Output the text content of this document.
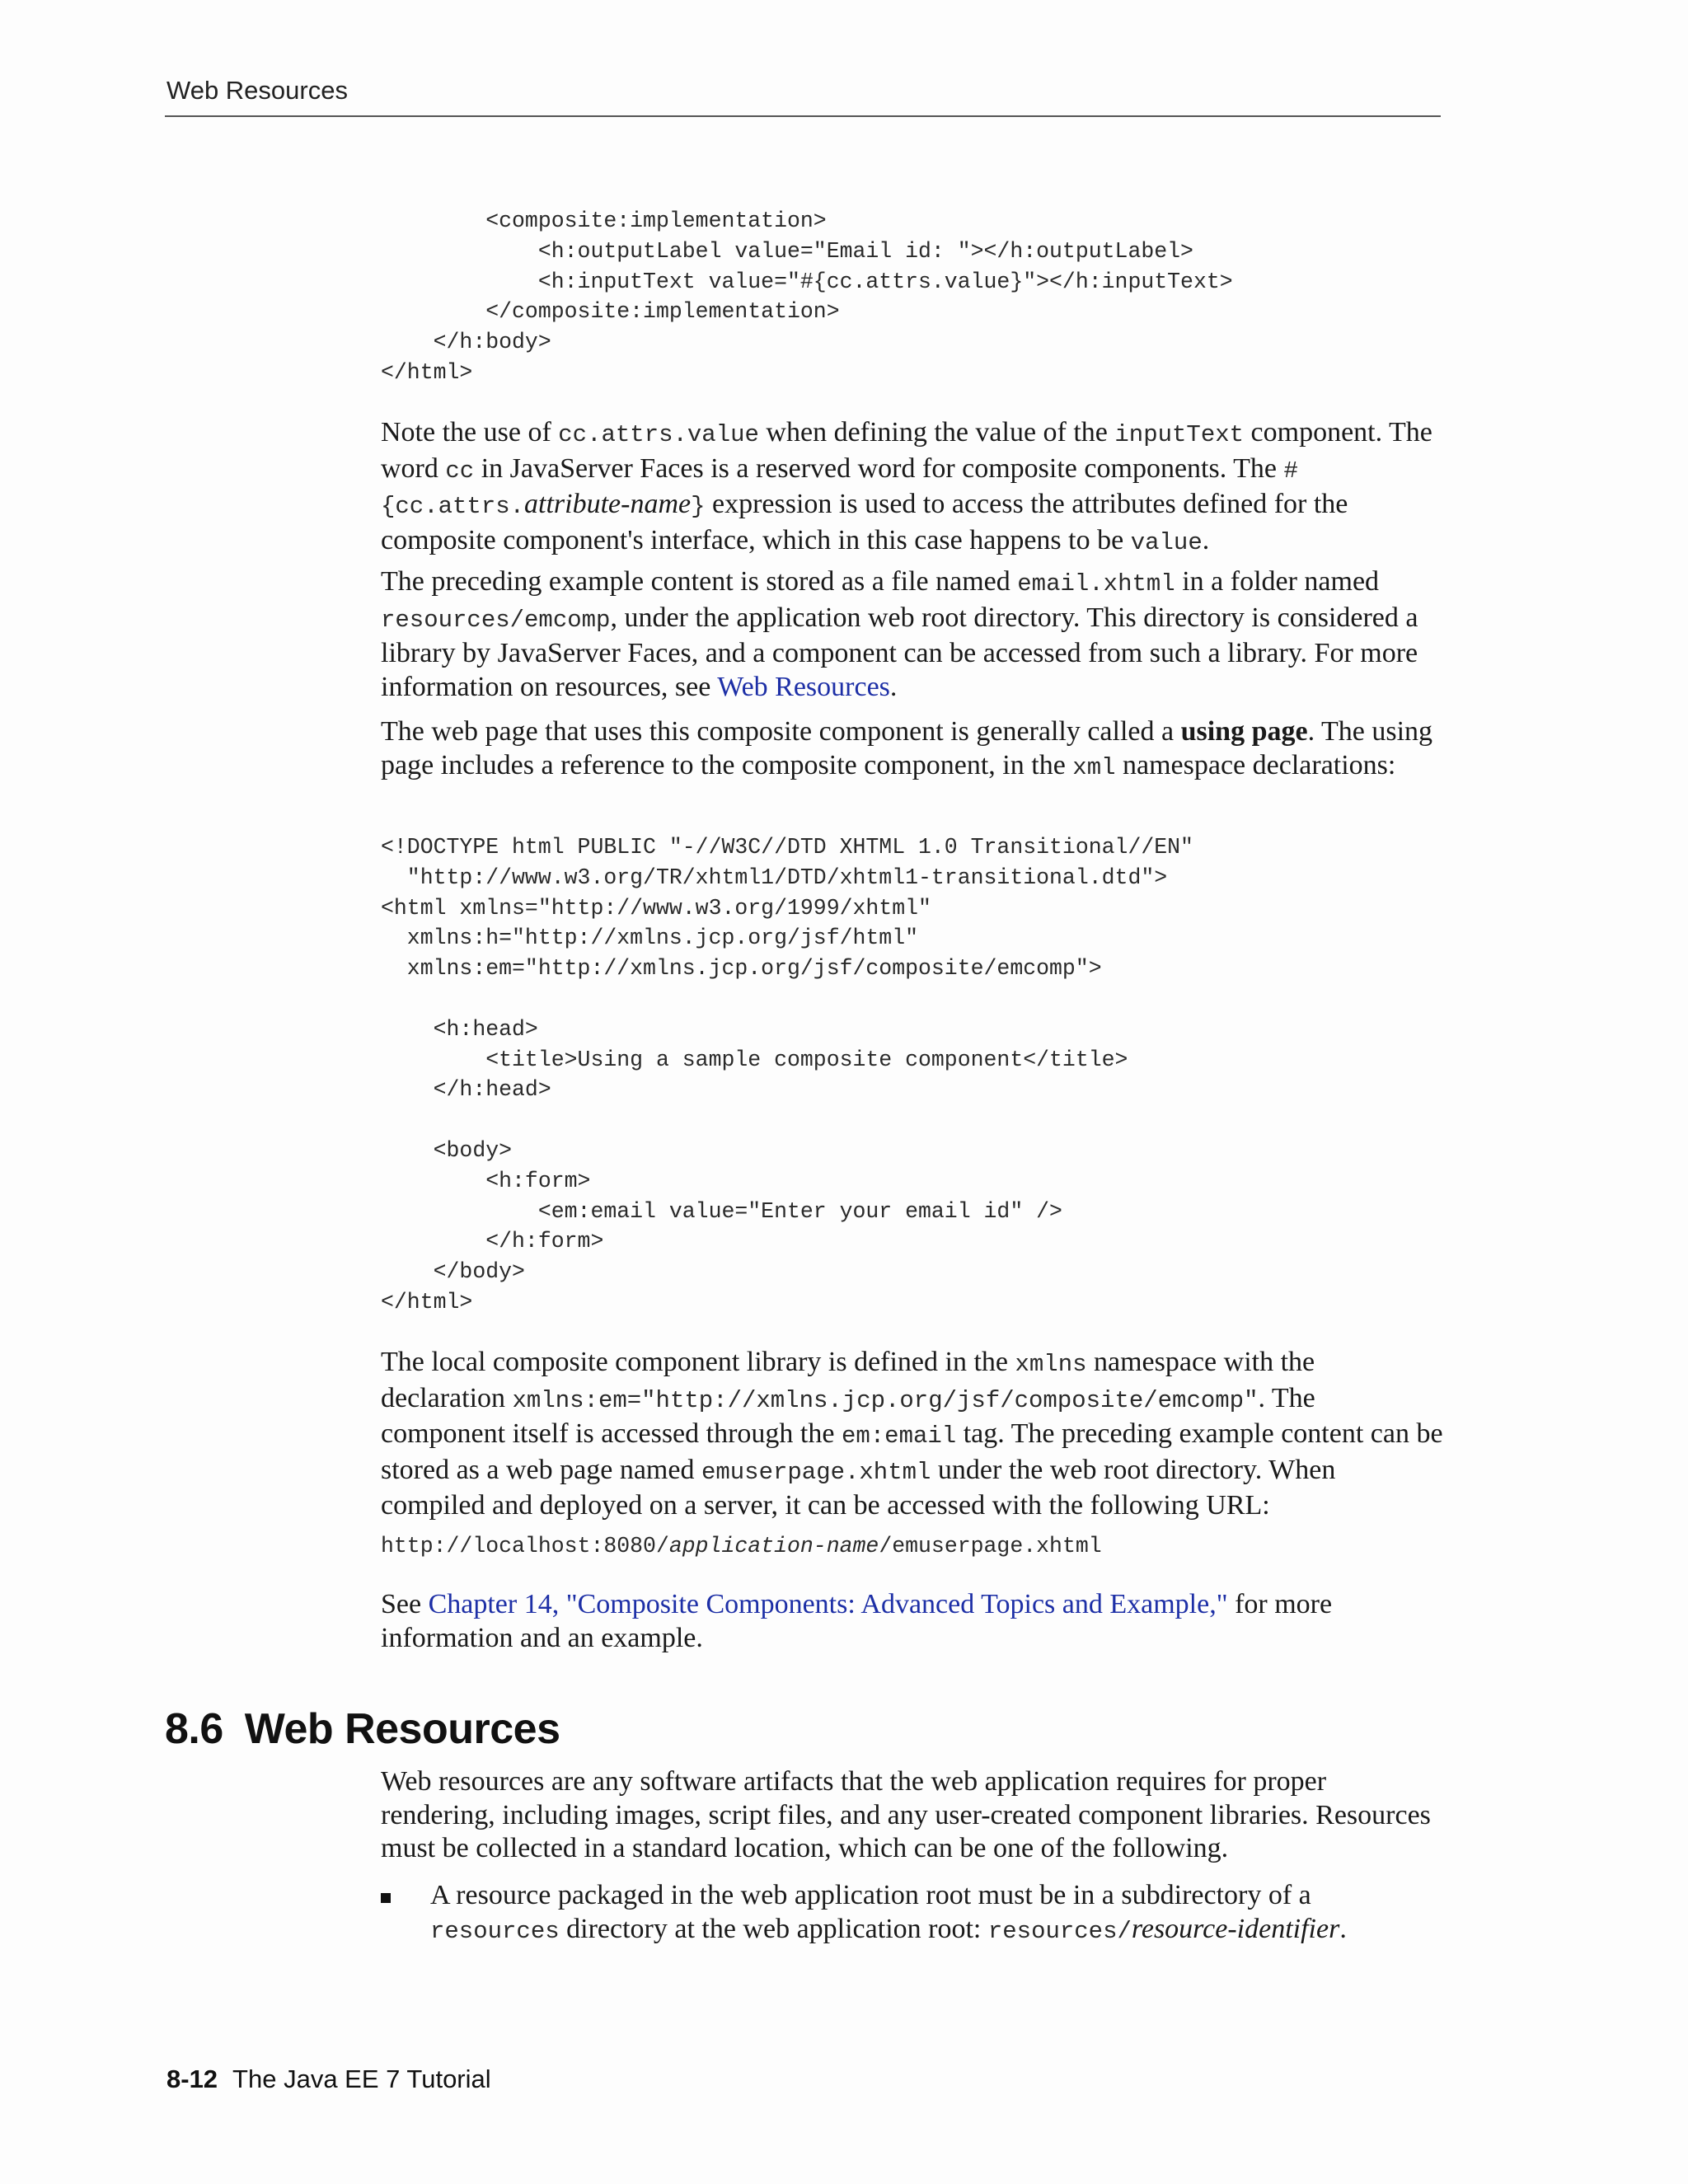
Web Resources
<composite:implementation>
<h:outputLabel value="Email id: "></h:outputLabel>
<h:inputText value="#{cc.attrs.value}"></h:inputText>
</composite:implementation>
</h:body>
</html>

Note the use of cc.attrs.value when defining the value of the inputText component. The word cc in JavaServer Faces is a reserved word for composite components. The #{cc.attrs.attribute-name} expression is used to access the attributes defined for the composite component's interface, which in this case happens to be value.

The preceding example content is stored as a file named email.xhtml in a folder named resources/emcomp, under the application web root directory. This directory is considered a library by JavaServer Faces, and a component can be accessed from such a library. For more information on resources, see Web Resources.

The web page that uses this composite component is generally called a using page. The using page includes a reference to the composite component, in the xml namespace declarations:

<!DOCTYPE html PUBLIC "-//W3C//DTD XHTML 1.0 Transitional//EN"
"http://www.w3.org/TR/xhtml1/DTD/xhtml1-transitional.dtd">
<html xmlns="http://www.w3.org/1999/xhtml"
xmlns:h="http://xmlns.jcp.org/jsf/html"
xmlns:em="http://xmlns.jcp.org/jsf/composite/emcomp">

<h:head>
<title>Using a sample composite component</title>
</h:head>

<body>
<h:form>
<em:email value="Enter your email id" />
</h:form>
</body>
</html>

The local composite component library is defined in the xmlns namespace with the declaration xmlns:em="http://xmlns.jcp.org/jsf/composite/emcomp". The component itself is accessed through the em:email tag. The preceding example content can be stored as a web page named emuserpage.xhtml under the web root directory. When compiled and deployed on a server, it can be accessed with the following URL:

http://localhost:8080/application-name/emuserpage.xhtml

See Chapter 14, "Composite Components: Advanced Topics and Example," for more information and an example.

8.6 Web Resources

Web resources are any software artifacts that the web application requires for proper rendering, including images, script files, and any user-created component libraries. Resources must be collected in a standard location, which can be one of the following.

A resource packaged in the web application root must be in a subdirectory of a resources directory at the web application root: resources/resource-identifier.

8-12 The Java EE 7 Tutorial
